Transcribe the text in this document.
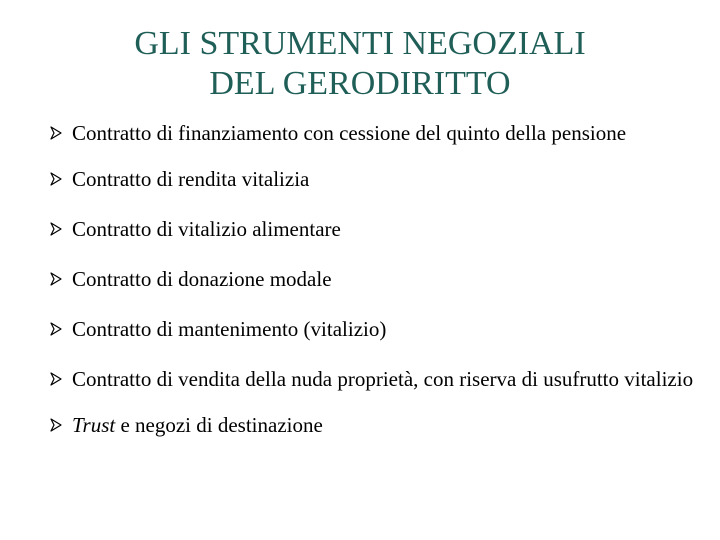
GLI STRUMENTI NEGOZIALI
DEL GERODIRITTO
Contratto di finanziamento con cessione del quinto della pensione
Contratto di rendita vitalizia
Contratto di vitalizio alimentare
Contratto di donazione modale
Contratto di mantenimento (vitalizio)
Contratto di vendita della nuda proprietà, con riserva di usufrutto vitalizio
Trust e negozi di destinazione
